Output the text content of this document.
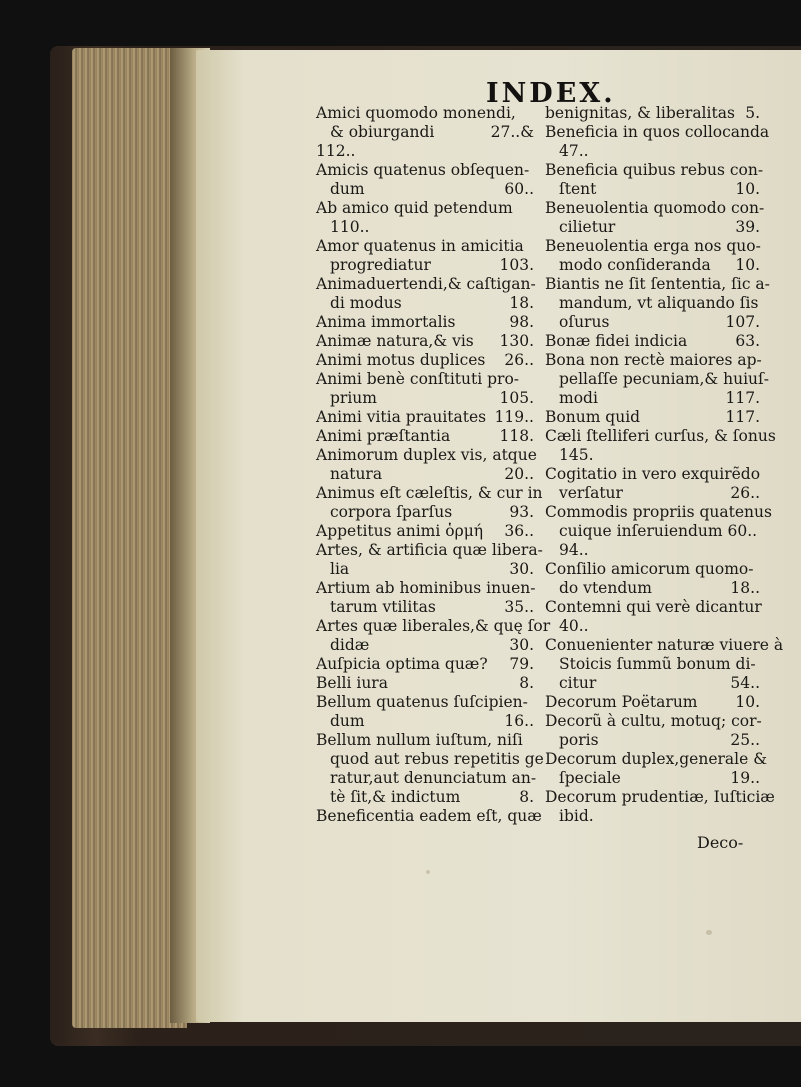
INDEX.
Amici quomodo monendi,
& obiurgandi	27..&
112..
Amicis quatenus obſequen-
dum	60..
Ab amico quid petendum
110..
Amor quatenus in amicitia
progrediatur	103.
Animaduertendi,& caſtigan-
di modus	18.
Anima immortalis	98.
Animæ natura,& vis 130.
Animi motus duplices 26..
Animi benè conſtituti pro-
prium	105.
Animi vitia prauitates 119..
Animi præſtantia	118.
Animorum duplex vis, atque
natura	20..
Animus eſt cæleſtis, & cur in
corpora ſparſus	93.
Appetitus animi ὁρμή 36..
Artes, & artificia quæ libera-
lia	30.
Artium ab hominibus inuen-
tarum vtilitas	35..
Artes quæ liberales,& quę ſor
didæ	30.
Auſpicia optima quæ? 79.
Belli iura	8.
Bellum quatenus ſuſcipien-
dum	16..
Bellum nullum iuſtum, niſi
quod aut rebus repetitis ge
ratur,aut denunciatum an-
tè ſit,& indictum	8.
Beneficentia eadem eſt, quæ
benignitas, & liberalitas 5.
Beneficia in quos collocanda
47..
Beneficia quibus rebus con-
ſtent	10.
Beneuolentia quomodo con-
cilietur	39.
Beneuolentia erga nos quo-
modo conſideranda 10.
Biantis ne ſit ſententia, ſic a-
mandum, vt aliquando ſis
oſurus	107.
Bonæ fidei indicia	63.
Bona non rectè maiores ap-
pellaſſe pecuniam,& huiuſ-
modi	117.
Bonum quid	117.
Cæli ſtelliferi curſus, & ſonus
145.
Cogitatio in vero exquirẽdo
verſatur	26..
Commodis propriis quatenus
cuique inſeruiendum 60..
94..
Conſilio amicorum quomo-
do vtendum	18..
Contemni qui verè dicantur
40..
Conuenienter naturæ viuere à
Stoicis ſummũ bonum di-
citur	54..
Decorum Poëtarum 10.
Decorũ à cultu, motuq; cor-
poris	25..
Decorum duplex,generale &
ſpeciale	19..
Decorum prudentiæ, Iuſticiæ
ibid.
Deco-
